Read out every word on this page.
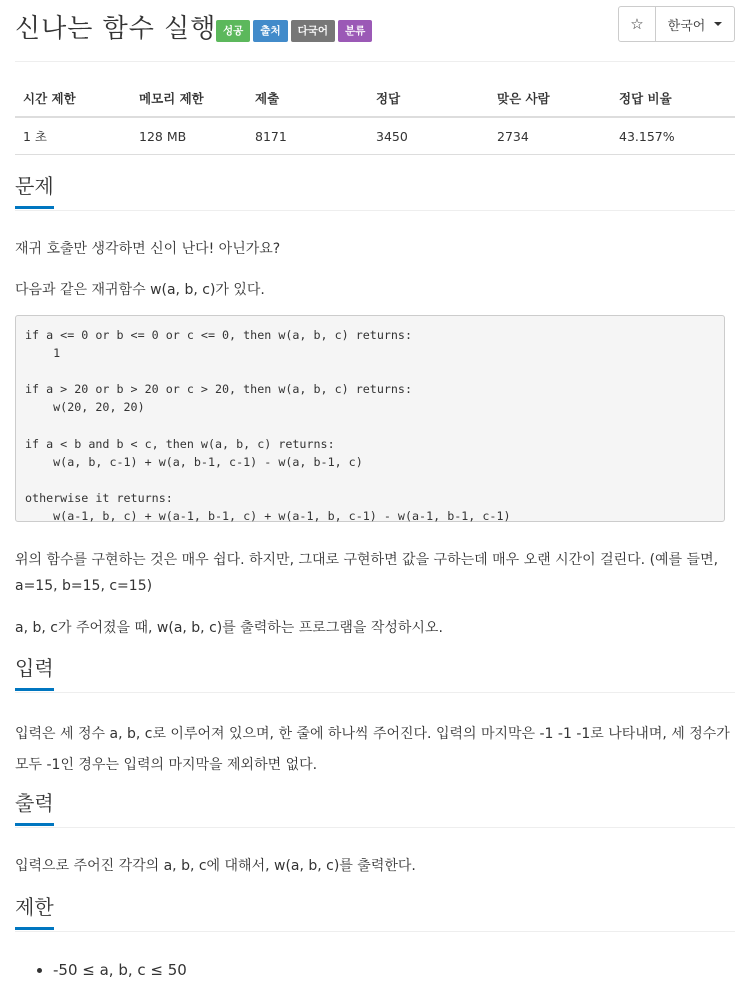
신나는 함수 실행 성공	출처	다국어	분류	☆ 한국어
시간 제한	메모리 제한	제출	정답	맞은 사람	정답 비율
1 초	128 MB	8171	3450	2734	43.157%
문제

재귀 호출만 생각하면 신이 난다! 아닌가요?

다음과 같은 재귀함수 w(a, b, c)가 있다.

if a <= 0 or b <= 0 or c <= 0, then w(a, b, c) returns:
1

if a > 20 or b > 20 or c > 20, then w(a, b, c) returns:
w(20, 20, 20)

if a < b and b < c, then w(a, b, c) returns:
w(a, b, c-1) + w(a, b-1, c-1) - w(a, b-1, c)

otherwise it returns:
w(a-1, b, c) + w(a-1, b-1, c) + w(a-1, b, c-1) - w(a-1, b-1, c-1)

위의 함수를 구현하는 것은 매우 쉽다. 하지만, 그대로 구현하면 값을 구하는데 매우 오랜 시간이 걸린다. (예를 들면, a=15, b=15, c=15)

a, b, c가 주어졌을 때, w(a, b, c)를 출력하는 프로그램을 작성하시오.

입력

입력은 세 정수 a, b, c로 이루어져 있으며, 한 줄에 하나씩 주어진다. 입력의 마지막은 -1 -1 -1로 나타내며, 세 정수가 모두 -1인 경우는 입력의 마지막을 제외하면 없다.

출력

입력으로 주어진 각각의 a, b, c에 대해서, w(a, b, c)를 출력한다.

제한
• -50 ≤ a, b, c ≤ 50
